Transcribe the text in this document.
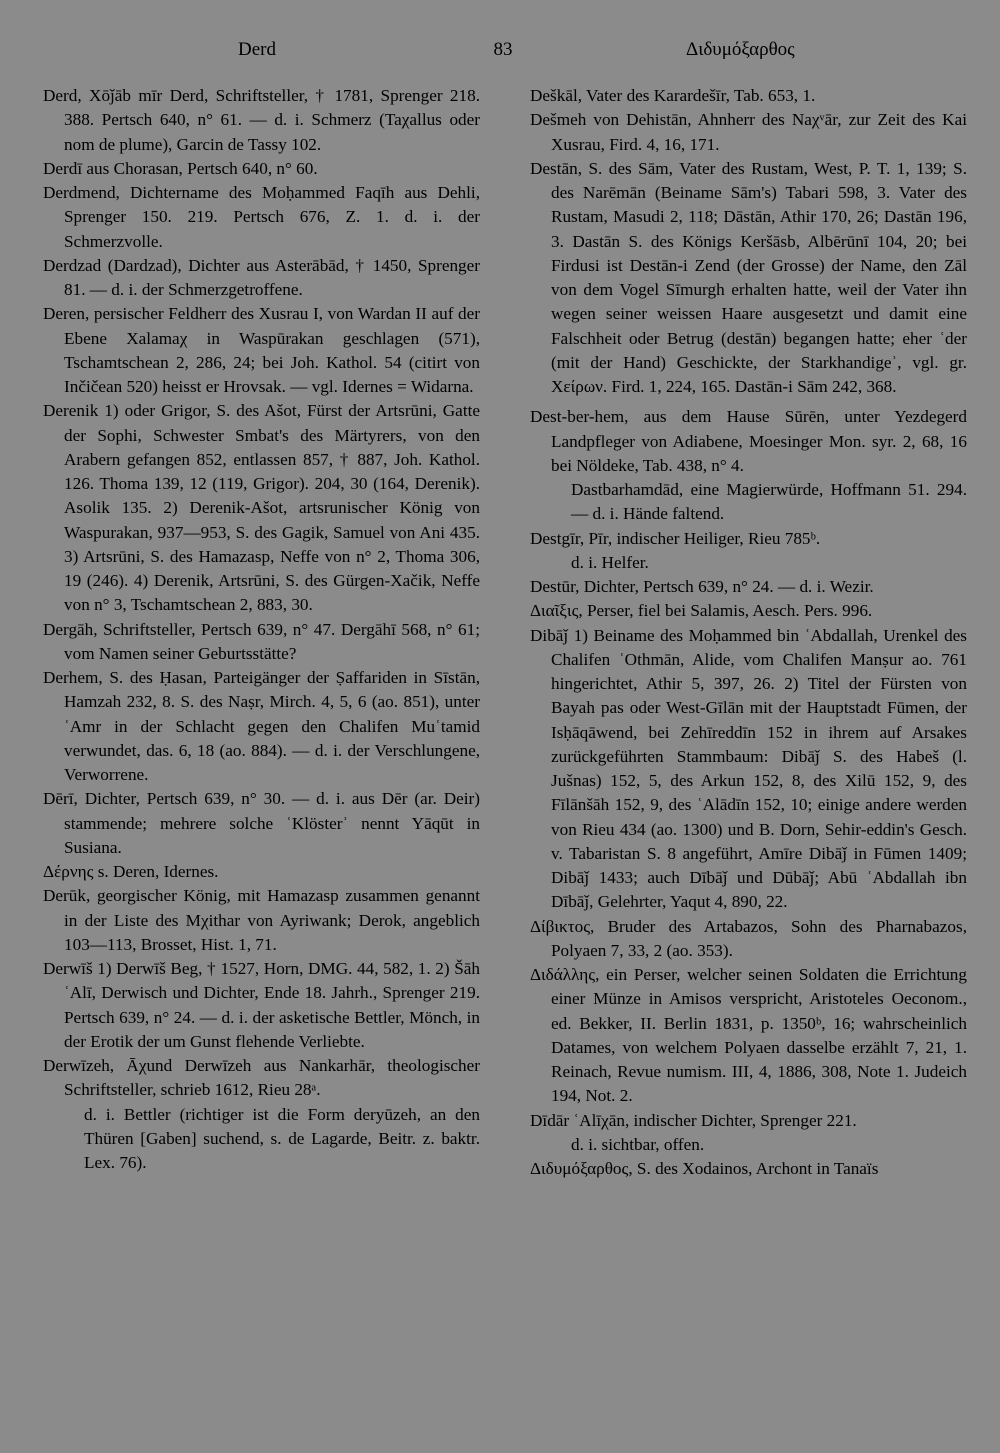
Derd	83	Διδυμόξαρθος

Derd, Xōǰāb mīr Derd, Schriftsteller, † 1781, Sprenger 218. 388. Pertsch 640, n° 61. — d. i. Schmerz (Taχallus oder nom de plume), Garcin de Tassy 102.

Derdī aus Chorasan, Pertsch 640, n° 60.

Derdmend, Dichtername des Moḥammed Faqīh aus Dehli, Sprenger 150. 219. Pertsch 676, Z. 1. d. i. der Schmerzvolle.

Derdzad (Dardzad), Dichter aus Asterābād, † 1450, Sprenger 81. — d. i. der Schmerzgetroffene.

Deren, persischer Feldherr des Xusrau I, von Wardan II auf der Ebene Xalamaχ in Waspūrakan geschlagen (571), Tschamtschean 2, 286, 24; bei Joh. Kathol. 54 (citirt von Inčičean 520) heisst er Hrovsak. — vgl. Idernes = Widarna.

Derenik 1) oder Grigor, S. des Ašot, Fürst der Artsrūni, Gatte der Sophi, Schwester Smbat's des Märtyrers, von den Arabern gefangen 852, entlassen 857, † 887, Joh. Kathol. 126. Thoma 139, 12 (119, Grigor). 204, 30 (164, Derenik). Asolik 135. 2) Derenik-Ašot, artsrunischer König von Waspurakan, 937—953, S. des Gagik, Samuel von Ani 435. 3) Artsrūni, S. des Hamazasp, Neffe von n° 2, Thoma 306, 19 (246). 4) Derenik, Artsrūni, S. des Gürgen-Xačik, Neffe von n° 3, Tschamtschean 2, 883, 30.

Dergāh, Schriftsteller, Pertsch 639, n° 47. Dergāhī 568, n° 61; vom Namen seiner Geburtsstätte?

Derhem, S. des Ḥasan, Parteigänger der Ṣaffariden in Sīstān, Hamzah 232, 8. S. des Naṣr, Mirch. 4, 5, 6 (ao. 851), unter ʿAmr in der Schlacht gegen den Chalifen Muʿtamid verwundet, das. 6, 18 (ao. 884). — d. i. der Verschlungene, Verworrene.

Dērī, Dichter, Pertsch 639, n° 30. — d. i. aus Dēr (ar. Deir) stammende; mehrere solche ʿKlösterʾ nennt Yāqūt in Susiana.

Δέρνης s. Deren, Idernes.

Derūk, georgischer König, mit Hamazasp zusammen genannt in der Liste des Mχithar von Ayriwank; Derok, angeblich 103—113, Brosset, Hist. 1, 71.

Derwīš 1) Derwīš Beg, † 1527, Horn, DMG. 44, 582, 1. 2) Šāh ʿAlī, Derwisch und Dichter, Ende 18. Jahrh., Sprenger 219. Pertsch 639, n° 24. — d. i. der asketische Bettler, Mönch, in der Erotik der um Gunst flehende Verliebte.

Derwīzeh, Āχund Derwīzeh aus Nankarhār, theologischer Schriftsteller, schrieb 1612, Rieu 28ᵃ.

d. i. Bettler (richtiger ist die Form deryūzeh, an den Thüren [Gaben] suchend, s. de Lagarde, Beitr. z. baktr. Lex. 76).

Deškāl, Vater des Karardešīr, Tab. 653, 1.

Dešmeh von Dehistān, Ahnherr des Naχᵛār, zur Zeit des Kai Xusrau, Fird. 4, 16, 171.

Destān, S. des Sām, Vater des Rustam, West, P. T. 1, 139; S. des Narēmān (Beiname Sām's) Tabari 598, 3. Vater des Rustam, Masudi 2, 118; Dāstān, Athir 170, 26; Dastān 196, 3. Dastān S. des Königs Keršāsb, Albērūnī 104, 20; bei Firdusi ist Destān-i Zend (der Grosse) der Name, den Zāl von dem Vogel Sīmurgh erhalten hatte, weil der Vater ihn wegen seiner weissen Haare ausgesetzt und damit eine Falschheit oder Betrug (destān) begangen hatte; eher ʿder (mit der Hand) Geschickte, der Starkhandigeʾ, vgl. gr. Χείρων. Fird. 1, 224, 165. Dastān-i Sām 242, 368.

Dest-ber-hem, aus dem Hause Sūrēn, unter Yezdegerd Landpfleger von Adiabene, Moesinger Mon. syr. 2, 68, 16 bei Nöldeke, Tab. 438, n° 4.

Dastbarhamdād, eine Magierwürde, Hoffmann 51. 294. — d. i. Hände faltend.

Destgīr, Pīr, indischer Heiliger, Rieu 785ᵇ.

d. i. Helfer.

Destūr, Dichter, Pertsch 639, n° 24. — d. i. Wezir.

Διαῖξις, Perser, fiel bei Salamis, Aesch. Pers. 996.

Dibāǰ 1) Beiname des Moḥammed bin ʿAbdallah, Urenkel des Chalifen ʿOthmān, Alide, vom Chalifen Manṣur ao. 761 hingerichtet, Athir 5, 397, 26. 2) Titel der Fürsten von Bayah pas oder West-Gīlān mit der Hauptstadt Fūmen, der Isḥāqāwend, bei Zehīreddīn 152 in ihrem auf Arsakes zurückgeführten Stammbaum: Dibāǰ S. des Habeš (l. Jušnas) 152, 5, des Arkun 152, 8, des Xilū 152, 9, des Fīlānšāh 152, 9, des ʿAlādīn 152, 10; einige andere werden von Rieu 434 (ao. 1300) und B. Dorn, Sehir-eddin's Gesch. v. Tabaristan S. 8 angeführt, Amīre Dibāǰ in Fūmen 1409; Dibāǰ 1433; auch Dībāǰ und Dūbāǰ; Abū ʿAbdallah ibn Dībāǰ, Gelehrter, Yaqut 4, 890, 22.

Δίβικτος, Bruder des Artabazos, Sohn des Pharnabazos, Polyaen 7, 33, 2 (ao. 353).

Διδάλλης, ein Perser, welcher seinen Soldaten die Errichtung einer Münze in Amisos verspricht, Aristoteles Oeconom., ed. Bekker, II. Berlin 1831, p. 1350ᵇ, 16; wahrscheinlich Datames, von welchem Polyaen dasselbe erzählt 7, 21, 1. Reinach, Revue numism. III, 4, 1886, 308, Note 1. Judeich 194, Not. 2.

Dīdār ʿAlīχān, indischer Dichter, Sprenger 221.

d. i. sichtbar, offen.

Διδυμόξαρθος, S. des Xodainos, Archont in Tanaïs
